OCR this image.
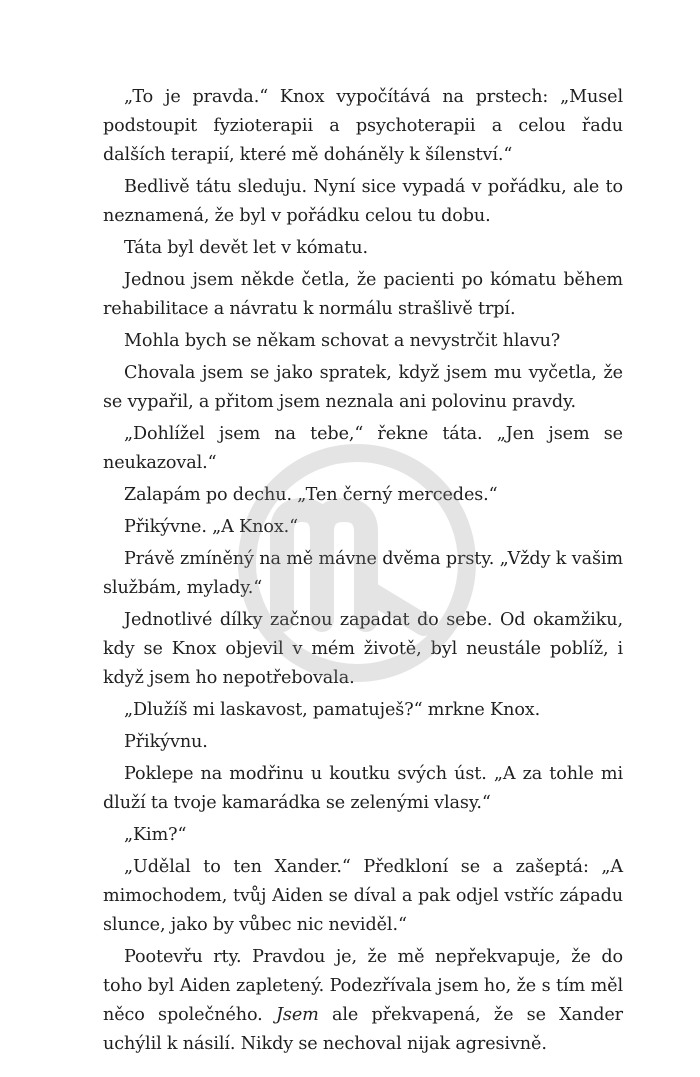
„To je pravda.“ Knox vypočítává na prstech: „Musel podstoupit fyzioterapii a psychoterapii a celou řadu dalších terapií, které mě doháněly k šílenství.“

Bedlivě tátu sleduju. Nyní sice vypadá v pořádku, ale to neznamená, že byl v pořádku celou tu dobu.

Táta byl devět let v kómatu.

Jednou jsem někde četla, že pacienti po kómatu během rehabilitace a návratu k normálu strašlivě trpí.

Mohla bych se někam schovat a nevystrčit hlavu?

Chovala jsem se jako spratek, když jsem mu vyčetla, že se vypařil, a přitom jsem neznala ani polovinu pravdy.

„Dohlížel jsem na tebe,“ řekne táta. „Jen jsem se neukazoval.“

Zalapám po dechu. „Ten černý mercedes.“

Přikývne. „A Knox.“

Právě zmíněný na mě mávne dvěma prsty. „Vždy k vašim službám, mylady.“

Jednotlivé dílky začnou zapadat do sebe. Od okamžiku, kdy se Knox objevil v mém životě, byl neustále poblíž, i když jsem ho nepotřebovala.

„Dlužíš mi laskavost, pamatuješ?“ mrkne Knox.

Přikývnu.

Poklepe na modřinu u koutku svých úst. „A za tohle mi dluží ta tvoje kamarádka se zelenými vlasy.“

„Kim?“

„Udělal to ten Xander.“ Předkloní se a zašeptá: „A mimochodem, tvůj Aiden se díval a pak odjel vstříc západu slunce, jako by vůbec nic neviděl.“

Pootevřu rty. Pravdou je, že mě nepřekvapuje, že do toho byl Aiden zapletený. Podezřívala jsem ho, že s tím měl něco společného. Jsem ale překvapená, že se Xander uchýlil k násilí. Nikdy se nechoval nijak agresivně.
